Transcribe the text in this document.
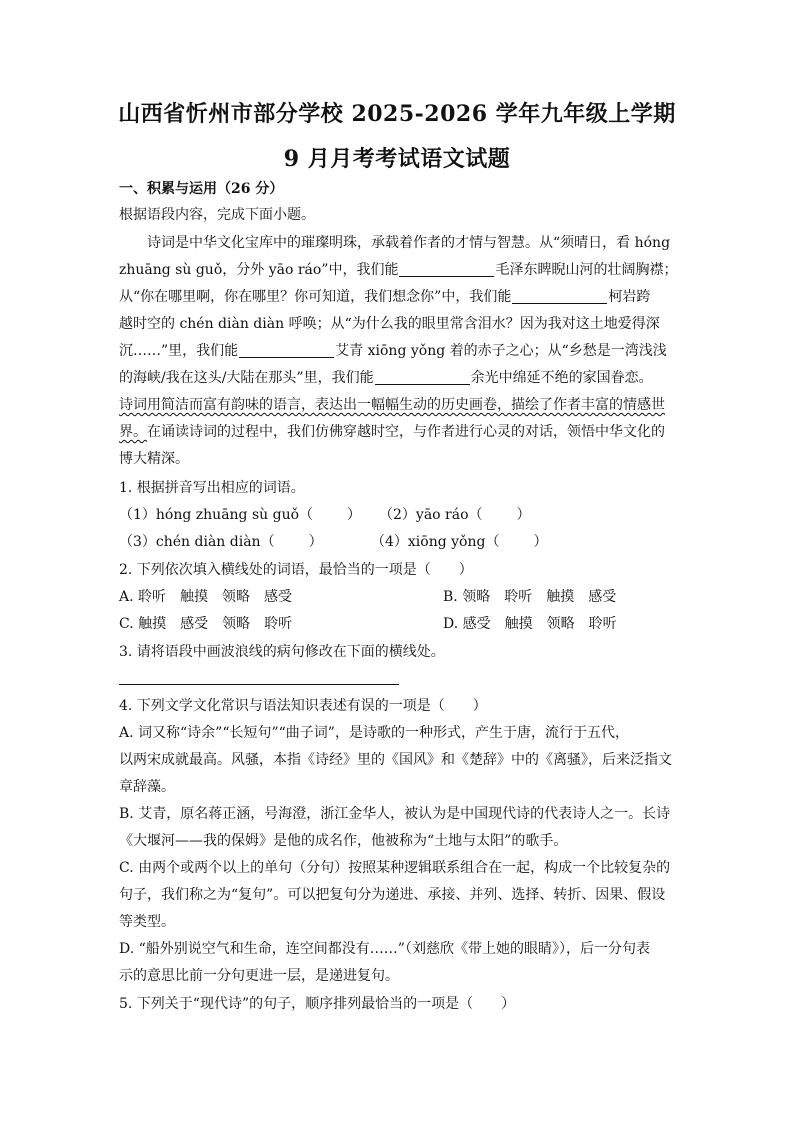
山西省忻州市部分学校 2025-2026 学年九年级上学期
9 月月考考试语文试题
一、积累与运用（26 分）
根据语段内容，完成下面小题。
诗词是中华文化宝库中的璀璨明珠，承载着作者的才情与智慧。从“须晴日，看 hóng
zhuāng sù guǒ，分外 yāo ráo”中，我们能	毛泽东睥睨山河的壮阔胸襟；
从“你在哪里啊，你在哪里？你可知道，我们想念你”中，我们能	柯岩跨
越时空的 chén diàn diàn 呼唤；从“为什么我的眼里常含泪水？因为我对这土地爱得深
沉……”里，我们能	艾青 xiōng yǒng 着的赤子之心；从“乡愁是一湾浅浅
的海峡/我在这头/大陆在那头”里，我们能	余光中绵延不绝的家国眷恋。
诗词用简洁而富有韵味的语言，表达出一幅幅生动的历史画卷，描绘了作者丰富的情感世
界。在诵读诗词的过程中，我们仿佛穿越时空，与作者进行心灵的对话，领悟中华文化的
博大精深。
1. 根据拼音写出相应的词语。
（1）hóng zhuāng sù guǒ（ ）	（2）yāo ráo（ ）
（3）chén diàn diàn（ ）	（4）xiōng yǒng（ ）
2. 下列依次填入横线处的词语，最恰当的一项是（　　）
A. 聆听　触摸　领略　感受	B. 领略　聆听　触摸　感受
C. 触摸　感受　领略　聆听	D. 感受　触摸　领略　聆听
3. 请将语段中画波浪线的病句修改在下面的横线处。
4. 下列文学文化常识与语法知识表述有误的一项是（　　）
A. 词又称“诗余”“长短句”“曲子词”，是诗歌的一种形式，产生于唐，流行于五代，
以两宋成就最高。风骚，本指《诗经》里的《国风》和《楚辞》中的《离骚》，后来泛指文
章辞藻。
B. 艾青，原名蒋正涵，号海澄，浙江金华人，被认为是中国现代诗的代表诗人之一。长诗
《大堰河——我的保姆》是他的成名作，他被称为“土地与太阳”的歌手。
C. 由两个或两个以上的单句（分句）按照某种逻辑联系组合在一起，构成一个比较复杂的
句子，我们称之为“复句”。可以把复句分为递进、承接、并列、选择、转折、因果、假设
等类型。
D. “船外别说空气和生命，连空间都没有……”（刘慈欣《带上她的眼睛》），后一分句表
示的意思比前一分句更进一层，是递进复句。
5. 下列关于“现代诗”的句子，顺序排列最恰当的一项是（　　）
